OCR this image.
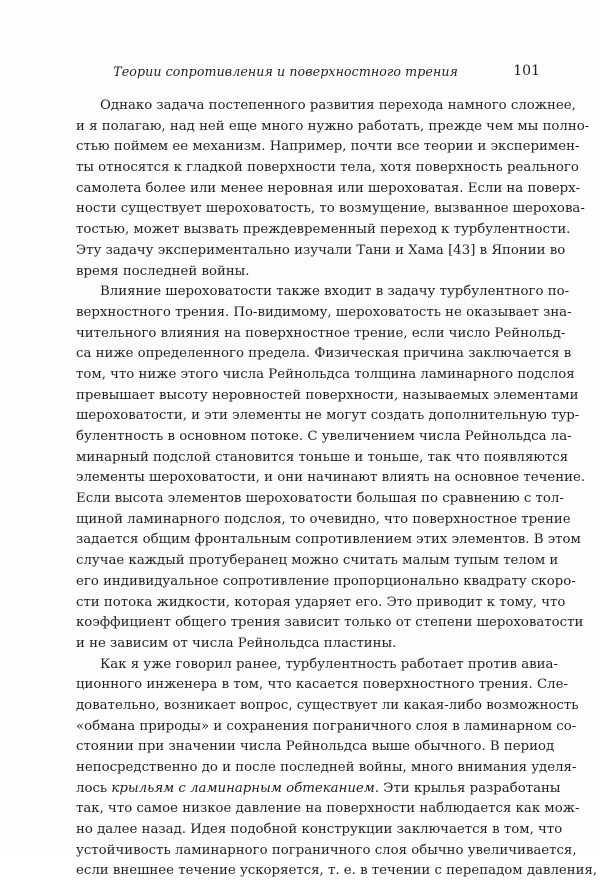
Теории сопротивления и поверхностного трения	101
Однако задача постепенного развития перехода намного сложнее,
и я полагаю, над ней еще много нужно работать, прежде чем мы полно-
стью поймем ее механизм. Например, почти все теории и эксперимен-
ты относятся к гладкой поверхности тела, хотя поверхность реального
самолета более или менее неровная или шероховатая. Если на поверх-
ности существует шероховатость, то возмущение, вызванное шерохова-
тостью, может вызвать преждевременный переход к турбулентности.
Эту задачу экспериментально изучали Тани и Хама [43] в Японии во
время последней войны.
Влияние шероховатости также входит в задачу турбулентного по-
верхностного трения. По-видимому, шероховатость не оказывает зна-
чительного влияния на поверхностное трение, если число Рейнольд-
са ниже определенного предела. Физическая причина заключается в
том, что ниже этого числа Рейнольдса толщина ламинарного подслоя
превышает высоту неровностей поверхности, называемых элементами
шероховатости, и эти элементы не могут создать дополнительную тур-
булентность в основном потоке. С увеличением числа Рейнольдса ла-
минарный подслой становится тоньше и тоньше, так что появляются
элементы шероховатости, и они начинают влиять на основное течение.
Если высота элементов шероховатости большая по сравнению с тол-
щиной ламинарного подслоя, то очевидно, что поверхностное трение
задается общим фронтальным сопротивлением этих элементов. В этом
случае каждый протуберанец можно считать малым тупым телом и
его индивидуальное сопротивление пропорционально квадрату скоро-
сти потока жидкости, которая ударяет его. Это приводит к тому, что
коэффициент общего трения зависит только от степени шероховатости
и не зависим от числа Рейнольдса пластины.
Как я уже говорил ранее, турбулентность работает против авиа-
ционного инженера в том, что касается поверхностного трения. Сле-
довательно, возникает вопрос, существует ли какая-либо возможность
«обмана природы» и сохранения пограничного слоя в ламинарном со-
стоянии при значении числа Рейнольдса выше обычного. В период
непосредственно до и после последней войны, много внимания уделя-
лось крыльям с ламинарным обтеканием. Эти крылья разработаны
так, что самое низкое давление на поверхности наблюдается как мож-
но далее назад. Идея подобной конструкции заключается в том, что
устойчивость ламинарного пограничного слоя обычно увеличивается,
если внешнее течение ускоряется, т. е. в течении с перепадом давления,
